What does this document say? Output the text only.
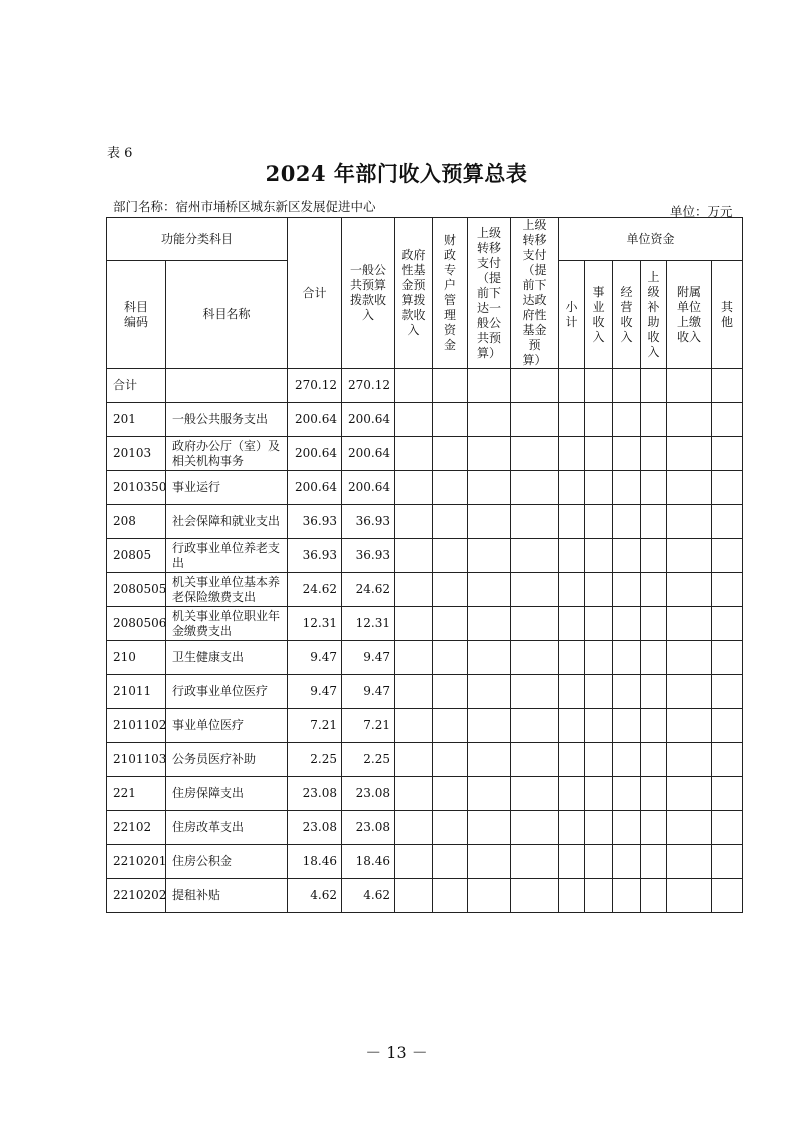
表 6
2024 年部门收入预算总表
部门名称：宿州市埇桥区城东新区发展促进中心	单位：万元
功能分类科目		合计	一般公共预算拨款收入	政府性基金预算拨款收入	财政专户管理资金	上级转移支付（提前下达一般公共预算）	上级转移支付（提前下达政府性基金预算）	单位资金					
科目编码	科目名称							小计	事业收入	经营收入	上级补助收入	附属单位上缴收入	其他
合计		270.12	270.12										
201	一般公共服务支出	200.64	200.64										
20103	政府办公厅（室）及相关机构事务	200.64	200.64										
2010350	事业运行	200.64	200.64										
208	社会保障和就业支出	36.93	36.93										
20805	行政事业单位养老支出	36.93	36.93										
2080505	机关事业单位基本养老保险缴费支出	24.62	24.62										
2080506	机关事业单位职业年金缴费支出	12.31	12.31										
210	卫生健康支出	9.47	9.47										
21011	行政事业单位医疗	9.47	9.47										
2101102	事业单位医疗	7.21	7.21										
2101103	公务员医疗补助	2.25	2.25										
221	住房保障支出	23.08	23.08										
22102	住房改革支出	23.08	23.08										
2210201	住房公积金	18.46	18.46										
2210202	提租补贴	4.62	4.62										
－ 13 －
